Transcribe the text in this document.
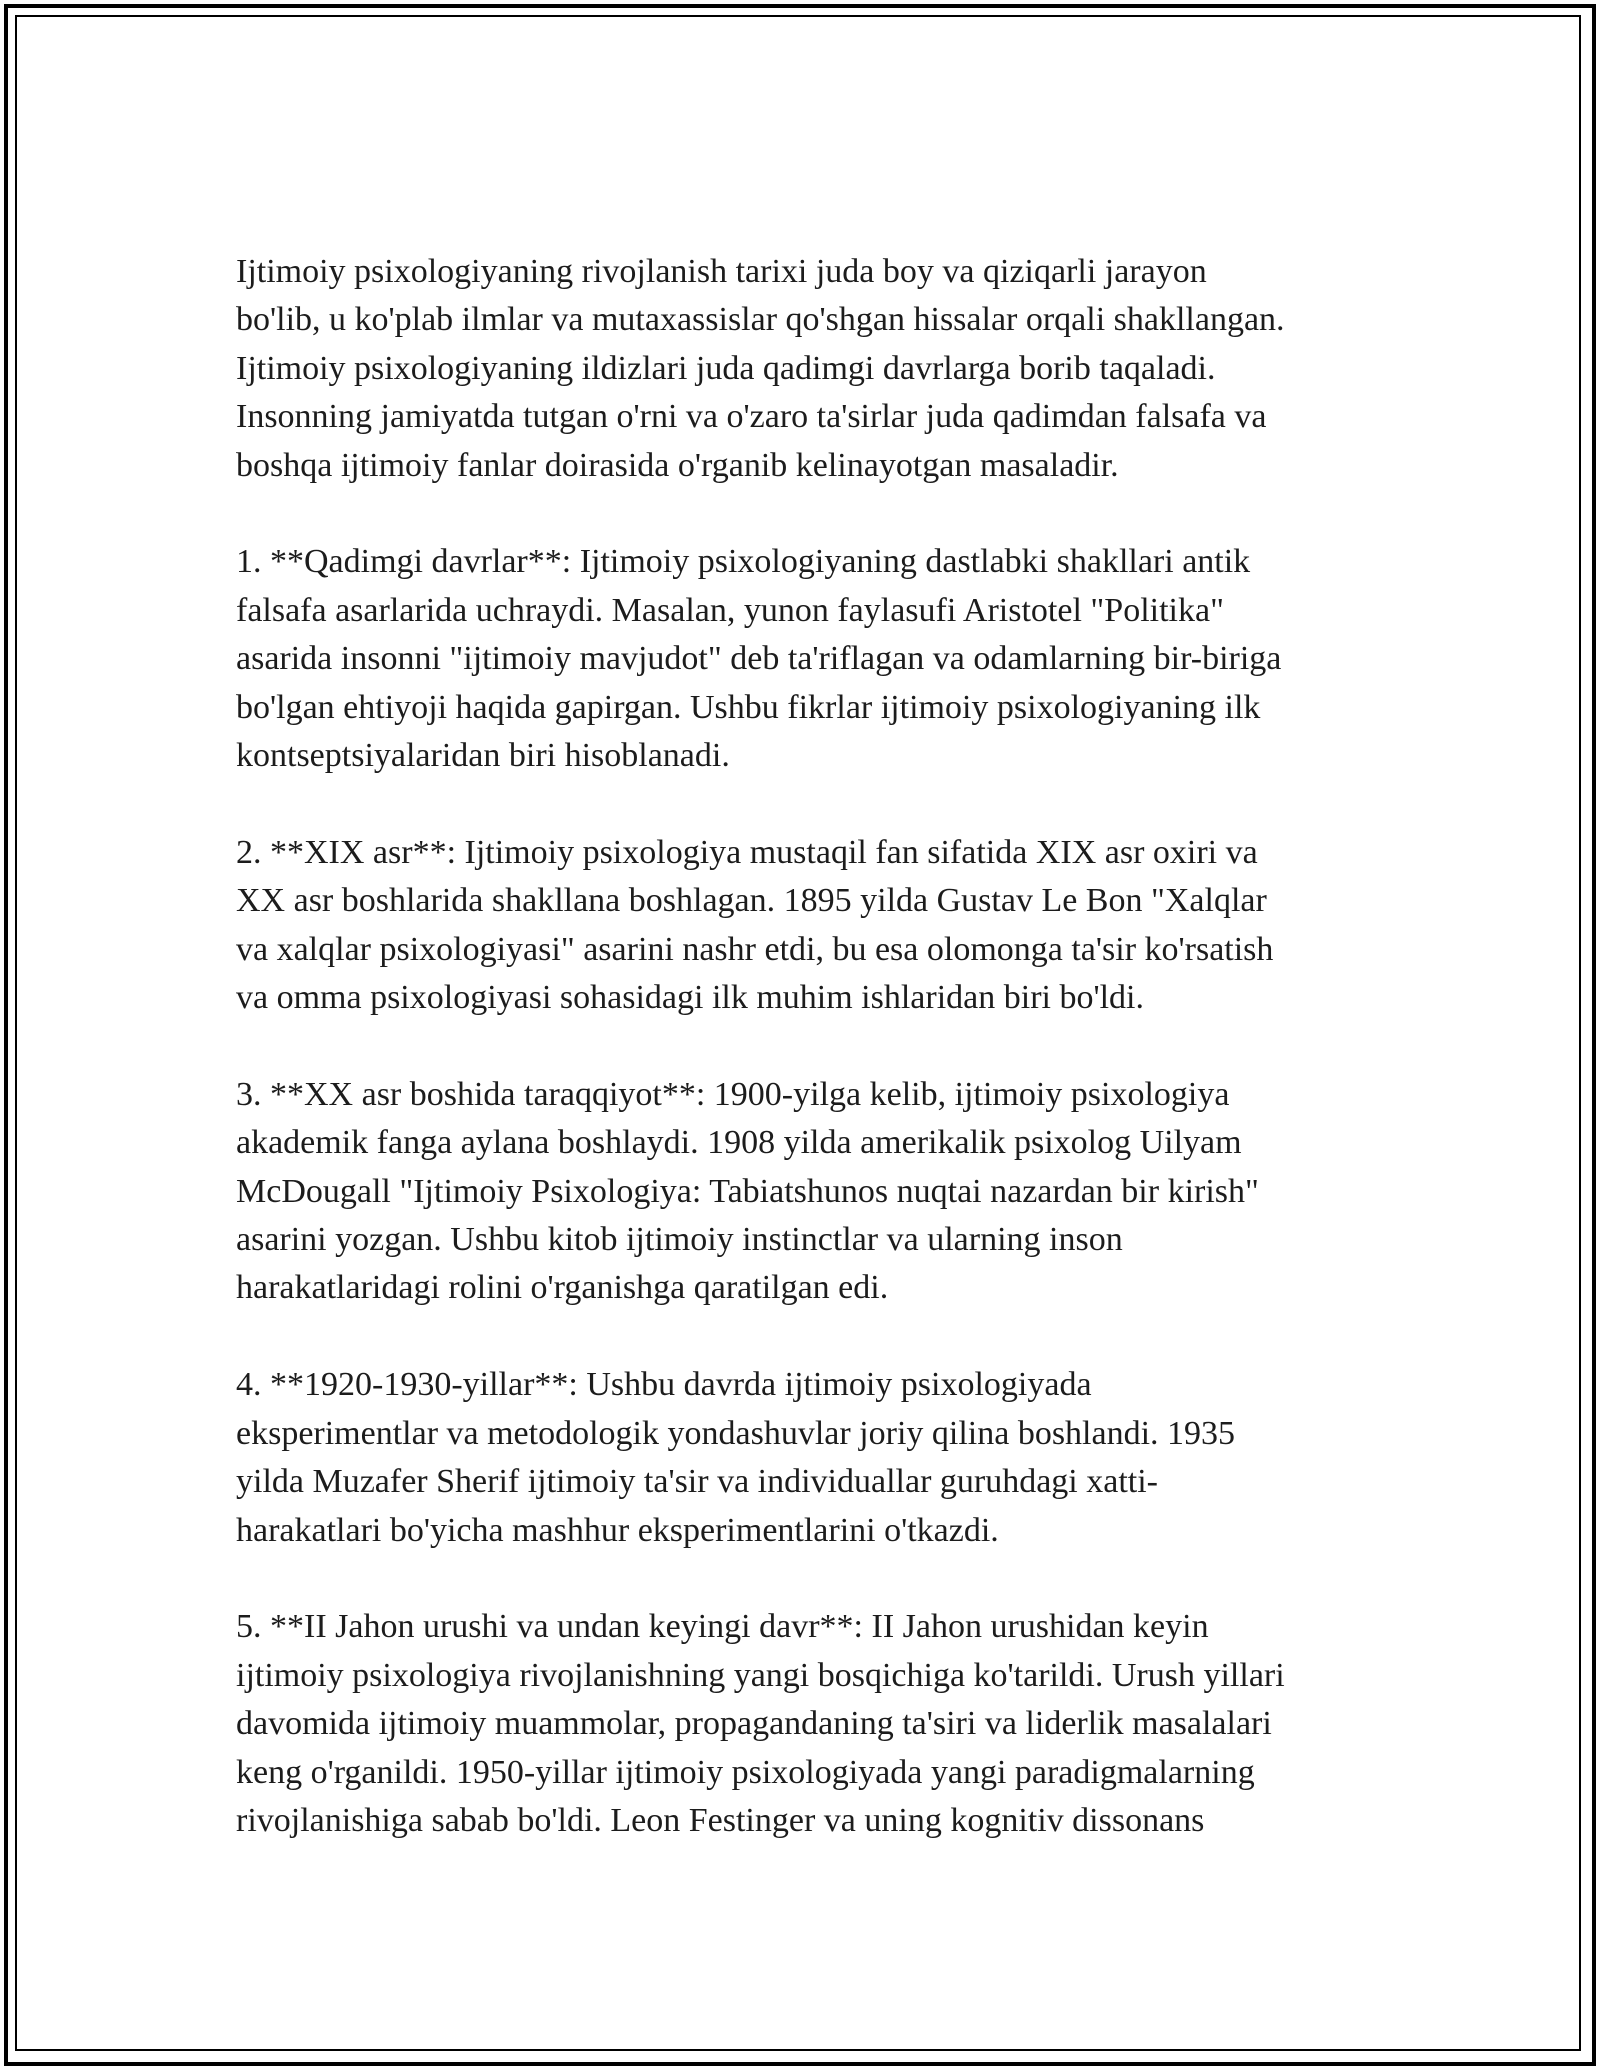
Ijtimoiy psixologiyaning rivojlanish tarixi juda boy va qiziqarli jarayon
bo'lib, u ko'plab ilmlar va mutaxassislar qo'shgan hissalar orqali shakllangan.
Ijtimoiy psixologiyaning ildizlari juda qadimgi davrlarga borib taqaladi.
Insonning jamiyatda tutgan o'rni va o'zaro ta'sirlar juda qadimdan falsafa va
boshqa ijtimoiy fanlar doirasida o'rganib kelinayotgan masaladir.

1. **Qadimgi davrlar**: Ijtimoiy psixologiyaning dastlabki shakllari antik
falsafa asarlarida uchraydi. Masalan, yunon faylasufi Aristotel "Politika"
asarida insonni "ijtimoiy mavjudot" deb ta'riflagan va odamlarning bir-biriga
bo'lgan ehtiyoji haqida gapirgan. Ushbu fikrlar ijtimoiy psixologiyaning ilk
kontseptsiyalaridan biri hisoblanadi.

2. **XIX asr**: Ijtimoiy psixologiya mustaqil fan sifatida XIX asr oxiri va
XX asr boshlarida shakllana boshlagan. 1895 yilda Gustav Le Bon "Xalqlar
va xalqlar psixologiyasi" asarini nashr etdi, bu esa olomonga ta'sir ko'rsatish
va omma psixologiyasi sohasidagi ilk muhim ishlaridan biri bo'ldi.

3. **XX asr boshida taraqqiyot**: 1900-yilga kelib, ijtimoiy psixologiya
akademik fanga aylana boshlaydi. 1908 yilda amerikalik psixolog Uilyam
McDougall "Ijtimoiy Psixologiya: Tabiatshunos nuqtai nazardan bir kirish"
asarini yozgan. Ushbu kitob ijtimoiy instinctlar va ularning inson
harakatlaridagi rolini o'rganishga qaratilgan edi.

4. **1920-1930-yillar**: Ushbu davrda ijtimoiy psixologiyada
eksperimentlar va metodologik yondashuvlar joriy qilina boshlandi. 1935
yilda Muzafer Sherif ijtimoiy ta'sir va individuallar guruhdagi xatti-
harakatlari bo'yicha mashhur eksperimentlarini o'tkazdi.

5. **II Jahon urushi va undan keyingi davr**: II Jahon urushidan keyin
ijtimoiy psixologiya rivojlanishning yangi bosqichiga ko'tarildi. Urush yillari
davomida ijtimoiy muammolar, propagandaning ta'siri va liderlik masalalari
keng o'rganildi. 1950-yillar ijtimoiy psixologiyada yangi paradigmalarning
rivojlanishiga sabab bo'ldi. Leon Festinger va uning kognitiv dissonans
